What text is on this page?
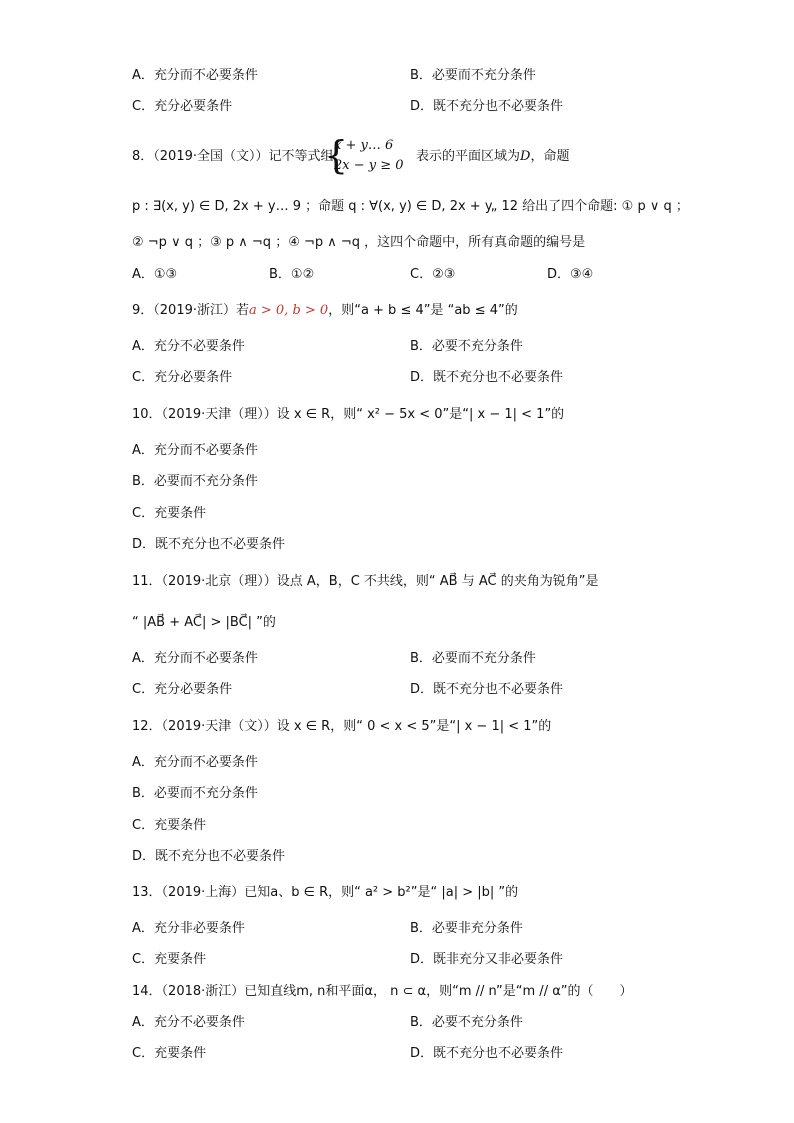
A．充分而不必要条件	B．必要而不充分条件
C．充分必要条件	D．既不充分也不必要条件
8．（2019·全国（文））记不等式组
{
x + y… 6
2x − y ≥ 0
表示的平面区域为D，命题
p : ∃(x, y) ∈ D, 2x + y… 9 ；命题 q : ∀(x, y) ∈ D, 2x + y„ 12 给出了四个命题: ① p ∨ q ；
② ¬p ∨ q ；③ p ∧ ¬q ；④ ¬p ∧ ¬q ，这四个命题中，所有真命题的编号是
A．①③	B．①②	C．②③	D．③④
9．（2019·浙江）若a > 0, b > 0，则“a + b ≤ 4”是 “ab ≤ 4”的
A．充分不必要条件	B．必要不充分条件
C．充分必要条件	D．既不充分也不必要条件
10．（2019·天津（理））设 x ∈ R，则“ x² − 5x < 0”是“| x − 1| < 1”的
A．充分而不必要条件
B．必要而不充分条件
C．充要条件
D．既不充分也不必要条件
11．（2019·北京（理））设点 A，B，C 不共线，则“ AB⃗ 与 AC⃗ 的夹角为锐角”是
“ |AB⃗ + AC⃗| > |BC⃗| ”的
A．充分而不必要条件	B．必要而不充分条件
C．充分必要条件	D．既不充分也不必要条件
12．（2019·天津（文））设 x ∈ R，则“ 0 < x < 5”是“| x − 1| < 1”的
A．充分而不必要条件
B．必要而不充分条件
C．充要条件
D．既不充分也不必要条件
13．（2019·上海）已知a、b ∈ R，则“ a² > b²”是“ |a| > |b| ”的
A．充分非必要条件	B．必要非充分条件
C．充要条件	D．既非充分又非必要条件
14．（2018·浙江）已知直线m, n和平面α， n ⊂ α，则“m // n”是“m // α”的（　　）
A．充分不必要条件	B．必要不充分条件
C．充要条件	D．既不充分也不必要条件
